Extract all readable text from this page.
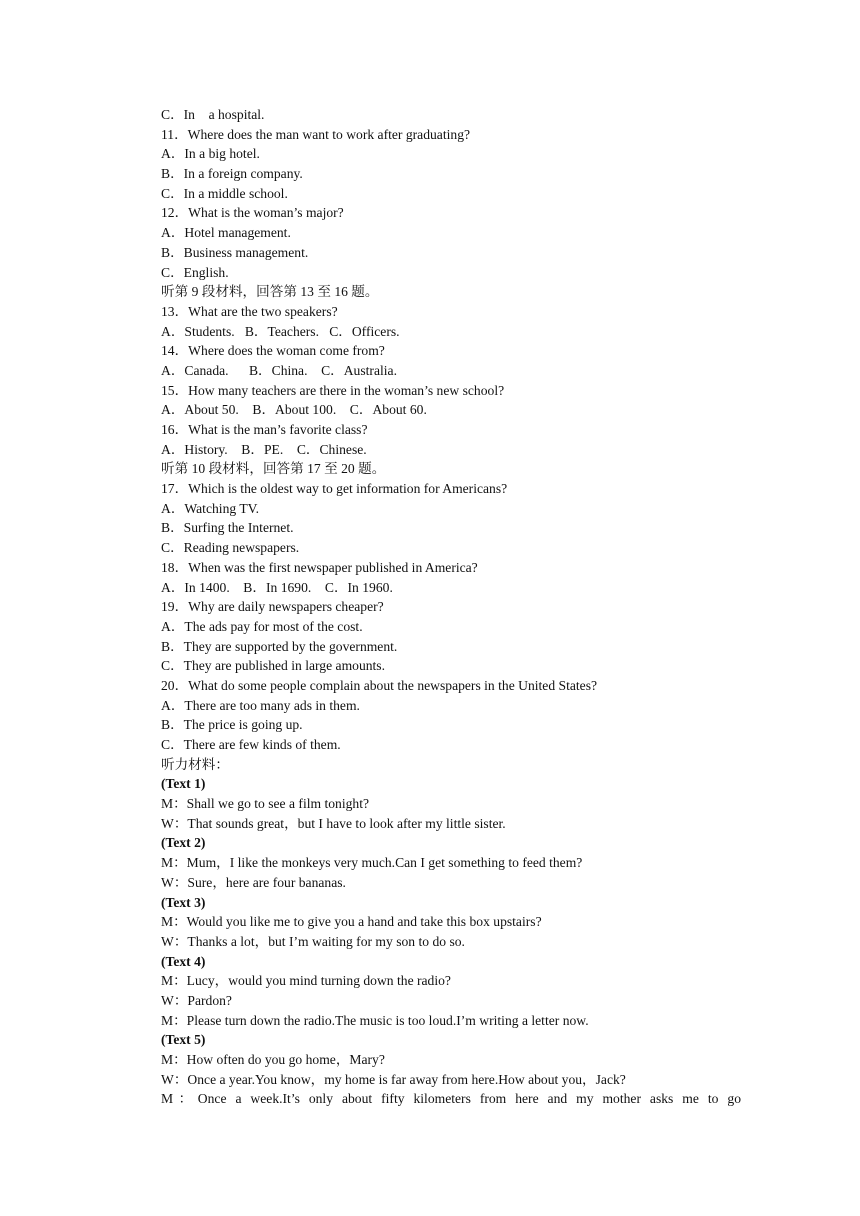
C．In    a hospital.
11．Where does the man want to work after graduating?
A．In a big hotel.
B．In a foreign company.
C．In a middle school.
12．What is the woman’s major?
A．Hotel management.
B．Business management.
C．English.
听第 9 段材料，回答第 13 至 16 题。
13．What are the two speakers?
A．Students.   B．Teachers.   C．Officers.
14．Where does the woman come from?
A．Canada.      B．China.    C．Australia.
15．How many teachers are there in the woman’s new school?
A．About 50.    B．About 100.    C．About 60.
16．What is the man’s favorite class?
A．History.    B．PE.    C．Chinese.
听第 10 段材料，回答第 17 至 20 题。
17．Which is the oldest way to get information for Americans?
A．Watching TV.
B．Surfing the Internet.
C．Reading newspapers.
18．When was the first newspaper published in America?
A．In 1400.    B．In 1690.    C．In 1960.
19．Why are daily newspapers cheaper?
A．The ads pay for most of the cost.
B．They are supported by the government.
C．They are published in large amounts.
20．What do some people complain about the newspapers in the United States?
A．There are too many ads in them.
B．The price is going up.
C．There are few kinds of them.
听力材料：
(Text 1)
M：Shall we go to see a film tonight?
W：That sounds great，but I have to look after my little sister.
(Text 2)
M：Mum，I like the monkeys very much.Can I get something to feed them?
W：Sure，here are four bananas.
(Text 3)
M：Would you like me to give you a hand and take this box upstairs?
W：Thanks a lot，but I’m waiting for my son to do so.
(Text 4)
M：Lucy，would you mind turning down the radio?
W：Pardon?
M：Please turn down the radio.The music is too loud.I’m writing a letter now.
(Text 5)
M：How often do you go home，Mary?
W：Once a year.You know，my home is far away from here.How about you，Jack?
M：Once a week.It’s only about fifty kilometers from here and my mother asks me to go
